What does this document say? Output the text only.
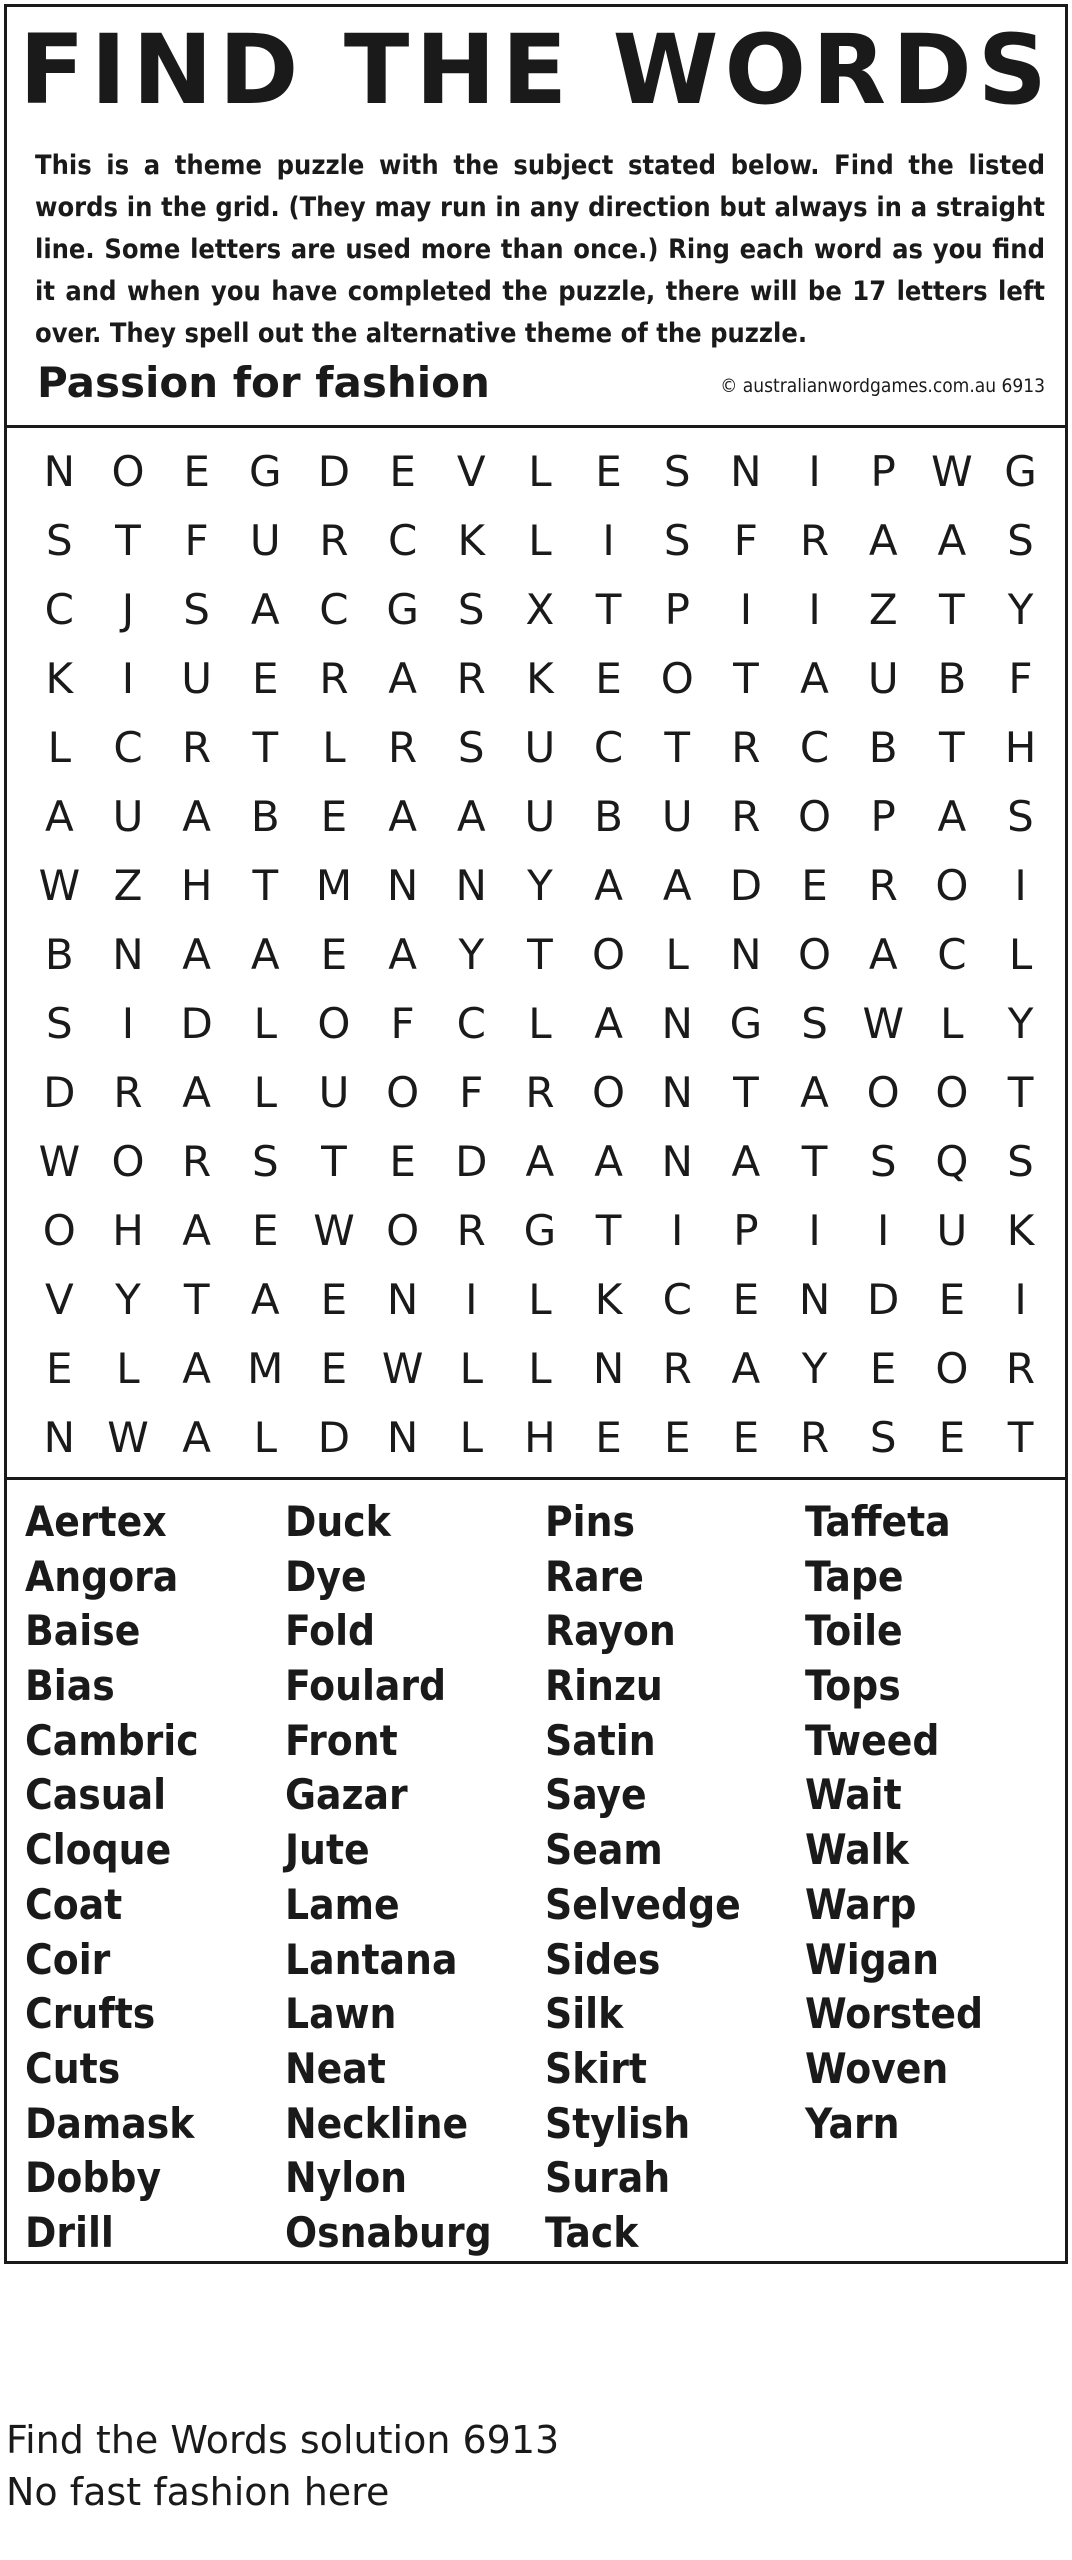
FIND THE WORDS
This is a theme puzzle with the subject stated below. Find the listed words in the grid. (They may run in any direction but always in a straight line. Some letters are used more than once.) Ring each word as you find it and when you have completed the puzzle, there will be 17 letters left over. They spell out the alternative theme of the puzzle.
© australianwordgames.com.au 6913
Passion for fashion
N O E G D E V	L	E	S N	I	P W G
S	T	F U R C K	L	I	S	F R A A S
C	J	S A C G S X T	P	I	I	Z T	Y
K	I	U E R A R K E O T A U B	F
L	C R T	L	R S U C T R C B T H
A U A B E A A U B U R O P A S
W Z H T M N N Y A A D E R O	I
B N A A E A Y	T O L N O A C	L
S	I	D L O F C	L	A N G S W L	Y
D R A	L U O F R O N T A O O T
W O R S	T	E D A A N A T	S Q S
O H A E W O R G T	I	P	I	I	U K
V Y	T A E N	I	L	K C E N D E	I
E	L	A M E W L	L N R A Y	E O R
N W A	L D N L H E	E	E R S	E	T
Aertex
Angora
Baise
Bias
Cambric
Casual
Cloque
Coat
Coir
Crufts
Cuts
Damask
Dobby
Drill
Duck
Dye
Fold
Foulard
Front
Gazar
Jute
Lame
Lantana
Lawn
Neat
Neckline
Nylon
Osnaburg
Pins
Rare
Rayon
Rinzu
Satin
Saye
Seam
Selvedge
Sides
Silk
Skirt
Stylish
Surah
Tack
Taffeta
Tape
Toile
Tops
Tweed
Wait
Walk
Warp
Wigan
Worsted
Woven
Yarn
Find the Words solution 6913
No fast fashion here
